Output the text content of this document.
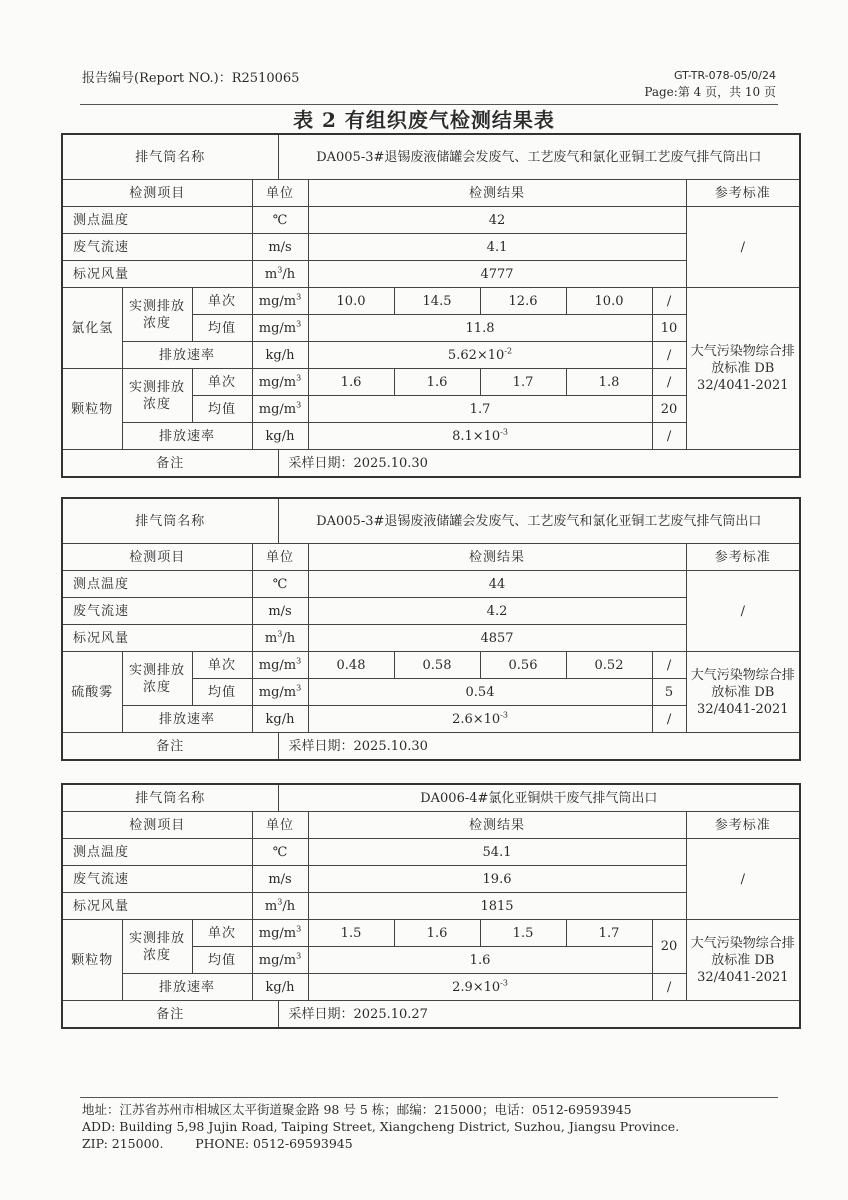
报告编号(Report NO.)：R2510065	GT-TR-078-05/0/24
Page:第 4 页，共 10 页
表 2 有组织废气检测结果表
排气筒名称				DA005-3#退锡废液储罐会发废气、工艺废气和氯化亚铜工艺废气排气筒出口						
检测项目			单位		检测结果					参考标准
测点温度			℃		42					/
废气流速			m/s		4.1					
标况风量			$m^3/h$		4777					
氯化氢	实测排放浓度	单次	$mg/m^3$		10.0	14.5	12.6	10.0	/	大气污染物综合排放标准 DB 32/4041-2021
		均值	$mg/m^3$		11.8				10	
	排放速率		kg/h		$5.62\times 10^{-2}$				/	
颗粒物	实测排放浓度	单次	$mg/m^3$		1.6	1.6	1.7	1.8	/	
		均值	$mg/m^3$		1.7				20	
	排放速率		kg/h		$8.1\times 10^{-3}$				/	
备注				采样日期：2025.10.30						
排气筒名称				DA005-3#退锡废液储罐会发废气、工艺废气和氯化亚铜工艺废气排气筒出口						
检测项目			单位		检测结果					参考标准
测点温度			℃		44					/
废气流速			m/s		4.2					
标况风量			$m^3/h$		4857					
硫酸雾	实测排放浓度	单次	$mg/m^3$		0.48	0.58	0.56	0.52	/	大气污染物综合排放标准 DB 32/4041-2021
		均值	$mg/m^3$		0.54				5	
	排放速率		kg/h		$2.6\times 10^{-3}$				/	
备注				采样日期：2025.10.30						
排气筒名称				DA006-4#氯化亚铜烘干废气排气筒出口						
检测项目			单位		检测结果					参考标准
测点温度			℃		54.1					/
废气流速			m/s		19.6					
标况风量			$m^3/h$		1815					
颗粒物	实测排放浓度	单次	$mg/m^3$		1.5	1.6	1.5	1.7	20	大气污染物综合排放标准 DB 32/4041-2021
		均值	$mg/m^3$		1.6					
	排放速率		kg/h		$2.9\times 10^{-3}$				/	
备注				采样日期：2025.10.27						
地址：江苏省苏州市相城区太平街道聚金路 98 号 5 栋；邮编：215000；电话：0512-69593945
ADD: Building 5,98 Jujin Road, Taiping Street, Xiangcheng District, Suzhou, Jiangsu Province.
ZIP: 215000.        PHONE: 0512-69593945
